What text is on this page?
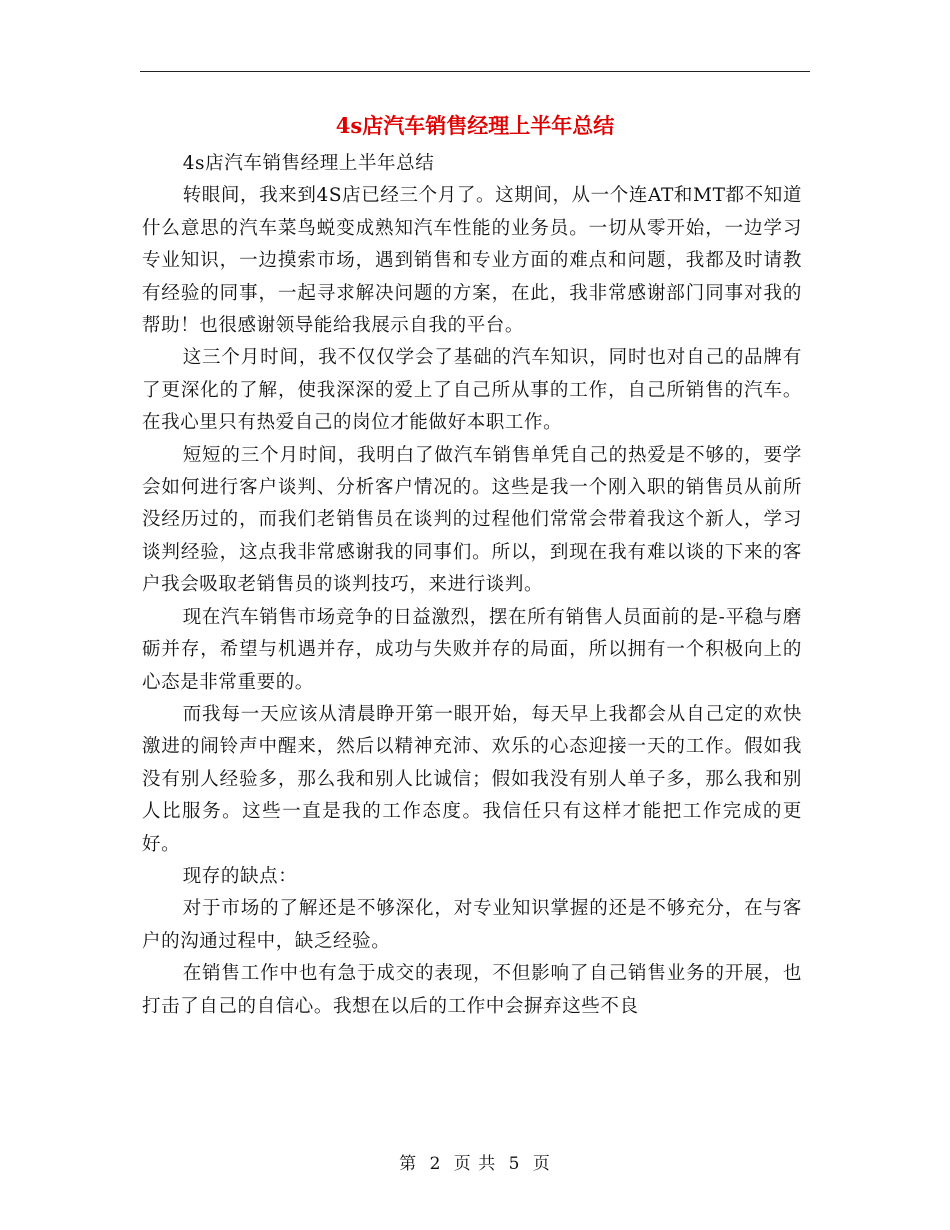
4s店汽车销售经理上半年总结

4s店汽车销售经理上半年总结

转眼间，我来到4S店已经三个月了。这期间，从一个连AT和MT都不知道什么意思的汽车菜鸟蜕变成熟知汽车性能的业务员。一切从零开始，一边学习专业知识，一边摸索市场，遇到销售和专业方面的难点和问题，我都及时请教有经验的同事，一起寻求解决问题的方案，在此，我非常感谢部门同事对我的帮助！也很感谢领导能给我展示自我的平台。

这三个月时间，我不仅仅学会了基础的汽车知识，同时也对自己的品牌有了更深化的了解，使我深深的爱上了自己所从事的工作，自己所销售的汽车。在我心里只有热爱自己的岗位才能做好本职工作。

短短的三个月时间，我明白了做汽车销售单凭自己的热爱是不够的，要学会如何进行客户谈判、分析客户情况的。这些是我一个刚入职的销售员从前所没经历过的，而我们老销售员在谈判的过程他们常常会带着我这个新人，学习谈判经验，这点我非常感谢我的同事们。所以，到现在我有难以谈的下来的客户我会吸取老销售员的谈判技巧，来进行谈判。

现在汽车销售市场竞争的日益激烈，摆在所有销售人员面前的是-平稳与磨砺并存，希望与机遇并存，成功与失败并存的局面，所以拥有一个积极向上的心态是非常重要的。

而我每一天应该从清晨睁开第一眼开始，每天早上我都会从自己定的欢快激进的闹铃声中醒来，然后以精神充沛、欢乐的心态迎接一天的工作。假如我没有别人经验多，那么我和别人比诚信；假如我没有别人单子多，那么我和别人比服务。这些一直是我的工作态度。我信任只有这样才能把工作完成的更好。

现存的缺点：

对于市场的了解还是不够深化，对专业知识掌握的还是不够充分，在与客户的沟通过程中，缺乏经验。

在销售工作中也有急于成交的表现，不但影响了自己销售业务的开展，也打击了自己的自信心。我想在以后的工作中会摒弃这些不良

第 2 页 共 5 页
